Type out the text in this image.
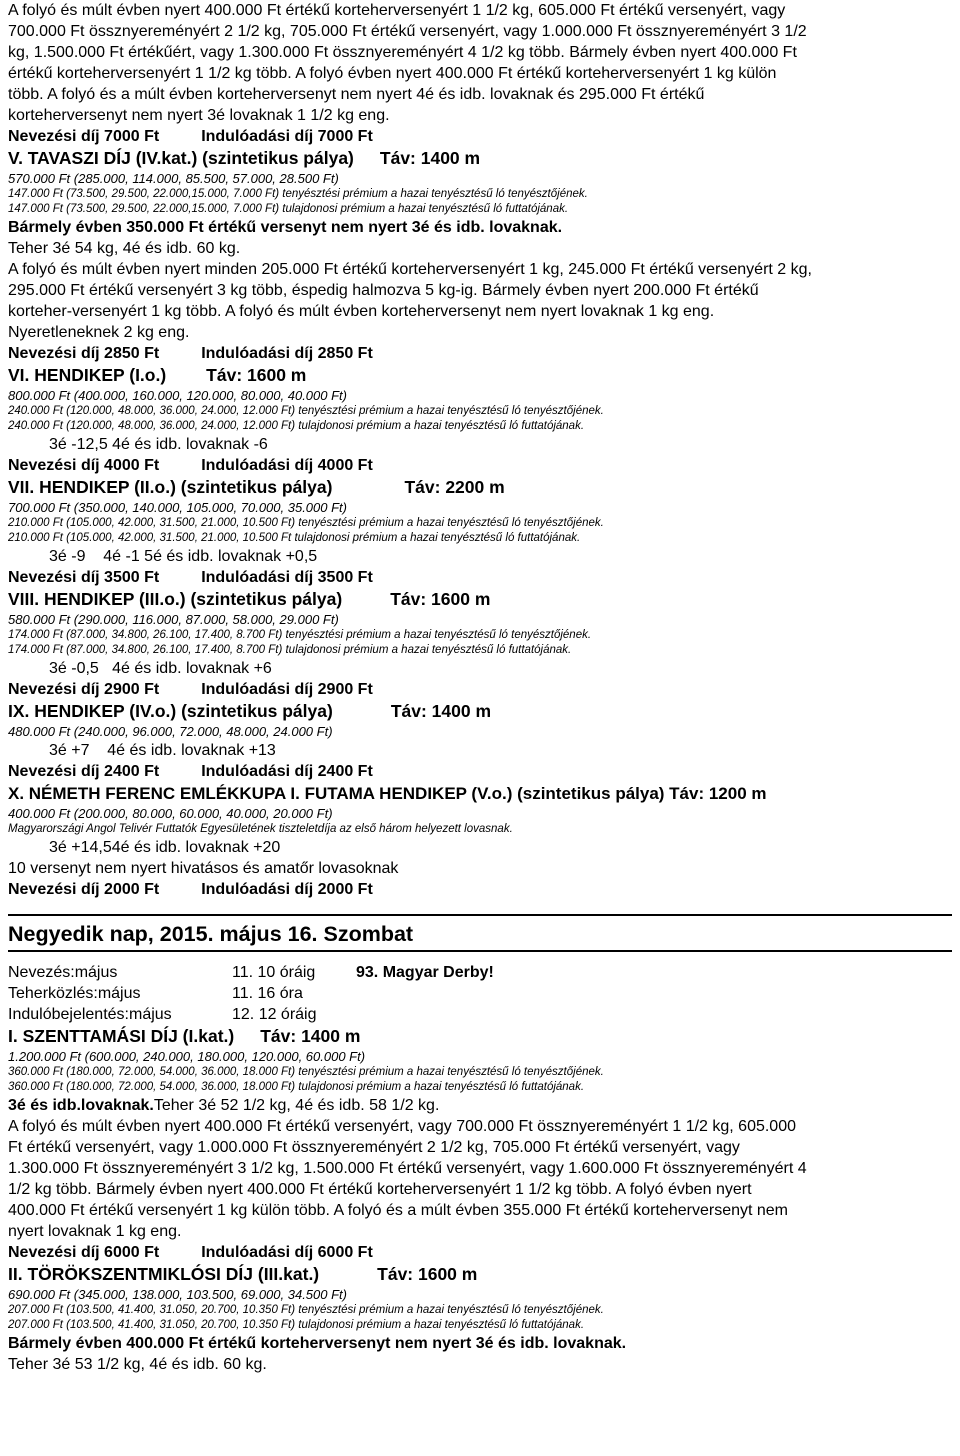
A folyó és múlt évben nyert 400.000 Ft értékű korteherversenyért 1 1/2 kg, 605.000 Ft értékű versenyért, vagy
700.000 Ft össznyereményért 2 1/2 kg, 705.000 Ft értékű versenyért, vagy 1.000.000 Ft össznyereményért 3 1/2
kg, 1.500.000 Ft értékűért, vagy 1.300.000 Ft össznyereményért 4 1/2 kg több. Bármely évben nyert 400.000 Ft
értékű korteherversenyért 1 1/2 kg több. A folyó évben nyert 400.000 Ft értékű korteherversenyért 1 kg külön
több. A folyó és a múlt évben korteherversenyt nem nyert 4é és idb. lovaknak és 295.000 Ft értékű
korteherversenyt nem nyert 3é lovaknak 1 1/2 kg eng.
Nevezési díj 7000 Ft	Indulóadási díj 7000 Ft
V. TAVASZI DÍJ (IV.kat.) (szintetikus pálya) Táv: 1400 m
570.000 Ft (285.000, 114.000, 85.500, 57.000, 28.500 Ft)
147.000 Ft (73.500, 29.500, 22.000,15.000, 7.000 Ft) tenyésztési prémium a hazai tenyésztésű ló tenyésztőjének.
147.000 Ft (73.500, 29.500, 22.000,15.000, 7.000 Ft) tulajdonosi prémium a hazai tenyésztésű ló futtatójának.
Bármely évben 350.000 Ft értékű versenyt nem nyert 3é és idb. lovaknak.
Teher 3é 54 kg, 4é és idb. 60 kg.
A folyó és múlt évben nyert minden 205.000 Ft értékű korteherversenyért 1 kg, 245.000 Ft értékű versenyért 2 kg,
295.000 Ft értékű versenyért 3 kg több, éspedig halmozva 5 kg-ig. Bármely évben nyert 200.000 Ft értékű
korteher-versenyért 1 kg több. A folyó és múlt évben korteherversenyt nem nyert lovaknak 1 kg eng.
Nyeretleneknek 2 kg eng.
Nevezési díj 2850 Ft	Indulóadási díj 2850 Ft
VI. HENDIKEP (I.o.) Táv: 1600 m
800.000 Ft (400.000, 160.000, 120.000, 80.000, 40.000 Ft)
240.000 Ft (120.000, 48.000, 36.000, 24.000, 12.000 Ft) tenyésztési prémium a hazai tenyésztésű ló tenyésztőjének.
240.000 Ft (120.000, 48.000, 36.000, 24.000, 12.000 Ft) tulajdonosi prémium a hazai tenyésztésű ló futtatójának.
3é -12,5 4é és idb. lovaknak -6
Nevezési díj 4000 Ft	Indulóadási díj 4000 Ft
VII. HENDIKEP (II.o.) (szintetikus pálya)	Táv: 2200 m
700.000 Ft (350.000, 140.000, 105.000, 70.000, 35.000 Ft)
210.000 Ft (105.000, 42.000, 31.500, 21.000, 10.500 Ft) tenyésztési prémium a hazai tenyésztésű ló tenyésztőjének.
210.000 Ft (105.000, 42.000, 31.500, 21.000, 10.500 Ft tulajdonosi prémium a hazai tenyésztésű ló futtatójának.
3é -9    4é -1 5é és idb. lovaknak +0,5
Nevezési díj 3500 Ft	Indulóadási díj 3500 Ft
VIII. HENDIKEP (III.o.) (szintetikus pálya)	Táv: 1600 m
580.000 Ft (290.000, 116.000, 87.000, 58.000, 29.000 Ft)
174.000 Ft (87.000, 34.800, 26.100, 17.400, 8.700 Ft) tenyésztési prémium a hazai tenyésztésű ló tenyésztőjének.
174.000 Ft (87.000, 34.800, 26.100, 17.400, 8.700 Ft) tulajdonosi prémium a hazai tenyésztésű ló futtatójának.
3é -0,5   4é és idb. lovaknak +6
Nevezési díj 2900 Ft	Indulóadási díj 2900 Ft
IX. HENDIKEP (IV.o.) (szintetikus pálya)	Táv: 1400 m
480.000 Ft (240.000, 96.000, 72.000, 48.000, 24.000 Ft)
3é +7    4é és idb. lovaknak +13
Nevezési díj 2400 Ft	Indulóadási díj 2400 Ft
X. NÉMETH FERENC EMLÉKKUPA I. FUTAMA HENDIKEP (V.o.) (szintetikus pálya) Táv: 1200 m
400.000 Ft (200.000, 80.000, 60.000, 40.000, 20.000 Ft)
Magyarországi Angol Telivér Futtatók Egyesületének tiszteletdíja az első három helyezett lovasnak.
3é +14,54é és idb. lovaknak +20
10 versenyt nem nyert hivatásos és amatőr lovasoknak
Nevezési díj 2000 Ft	Indulóadási díj 2000 Ft
Negyedik nap, 2015. május 16. Szombat
Nevezés:május	11. 10 óráig	93. Magyar Derby!
Teherközlés:május	11. 16 óra
Indulóbejelentés:május	12. 12 óráig
I. SZENTTAMÁSI DÍJ (I.kat.) Táv: 1400 m
1.200.000 Ft (600.000, 240.000, 180.000, 120.000, 60.000 Ft)
360.000 Ft (180.000, 72.000, 54.000, 36.000, 18.000 Ft) tenyésztési prémium a hazai tenyésztésű ló tenyésztőjének.
360.000 Ft (180.000, 72.000, 54.000, 36.000, 18.000 Ft) tulajdonosi prémium a hazai tenyésztésű ló futtatójának.
3é és idb.lovaknak.Teher 3é 52 1/2 kg, 4é és idb. 58 1/2 kg.
A folyó és múlt évben nyert 400.000 Ft értékű versenyért, vagy 700.000 Ft össznyereményért 1 1/2 kg, 605.000
Ft értékű versenyért, vagy 1.000.000 Ft össznyereményért 2 1/2 kg, 705.000 Ft értékű versenyért, vagy
1.300.000 Ft össznyereményért 3 1/2 kg, 1.500.000 Ft értékű versenyért, vagy 1.600.000 Ft össznyereményért 4
1/2 kg több. Bármely évben nyert 400.000 Ft értékű korteherversenyért 1 1/2 kg több. A folyó évben nyert
400.000 Ft értékű versenyért 1 kg külön több. A folyó és a múlt évben 355.000 Ft értékű korteherversenyt nem
nyert lovaknak 1 kg eng.
Nevezési díj 6000 Ft	Indulóadási díj 6000 Ft
II. TÖRÖKSZENTMIKLÓSI DÍJ (III.kat.)	Táv: 1600 m
690.000 Ft (345.000, 138.000, 103.500, 69.000, 34.500 Ft)
207.000 Ft (103.500, 41.400, 31.050, 20.700, 10.350 Ft) tenyésztési prémium a hazai tenyésztésű ló tenyésztőjének.
207.000 Ft (103.500, 41.400, 31.050, 20.700, 10.350 Ft) tulajdonosi prémium a hazai tenyésztésű ló futtatójának.
Bármely évben 400.000 Ft értékű korteherversenyt nem nyert 3é és idb. lovaknak.
Teher 3é 53 1/2 kg, 4é és idb. 60 kg.
